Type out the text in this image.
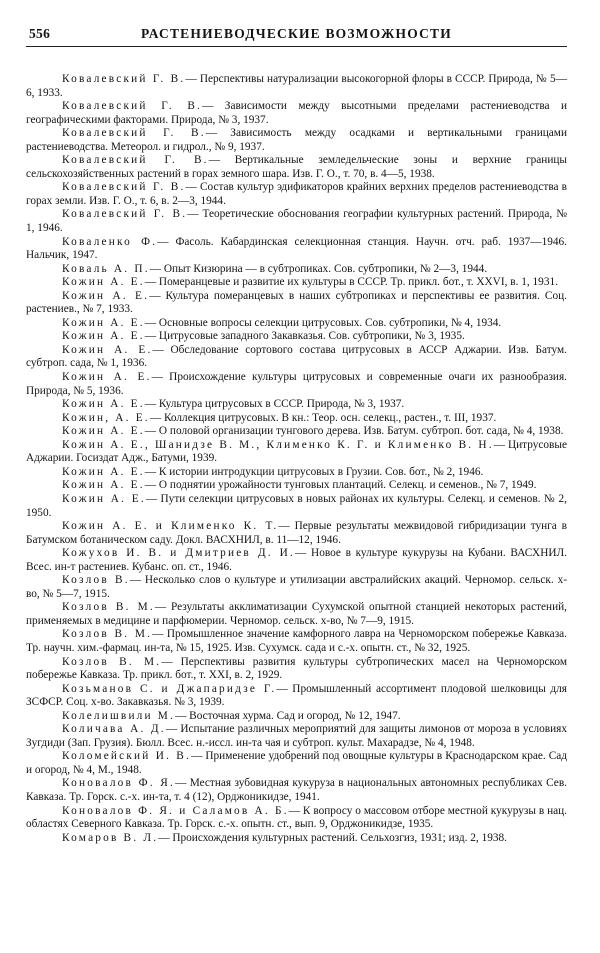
556	РАСТЕНИЕВОДЧЕСКИЕ ВОЗМОЖНОСТИ

Ковалевский Г. В.— Перспективы натурализации высокогорной флоры в СССР. Природа, № 5—6, 1933.

Ковалевский Г. В.— Зависимости между высотными пределами растениеводства и географическими факторами. Природа, № 3, 1937.

Ковалевский Г. В.— Зависимость между осадками и вертикальными границами растениеводства. Метеорол. и гидрол., № 9, 1937.

Ковалевский Г. В.— Вертикальные земледельческие зоны и верхние границы сельскохозяйственных растений в горах земного шара. Изв. Г. О., т. 70, в. 4—5, 1938.

Ковалевский Г. В.— Состав культур эдификаторов крайних верхних пределов растениеводства в горах земли. Изв. Г. О., т. 6, в. 2—3, 1944.

Ковалевский Г. В.— Теоретические обоснования географии культурных растений. Природа, № 1, 1946.

Коваленко Ф.— Фасоль. Кабардинская селекционная станция. Научн. отч. раб. 1937—1946. Нальчик, 1947.

Коваль А. П.— Опыт Кизюрина — в субтропиках. Сов. субтропики, № 2—3, 1944.

Кожин А. Е.— Померанцевые и развитие их культуры в СССР. Тр. прикл. бот., т. XXVI, в. 1, 1931.

Кожин А. Е.— Культура померанцевых в наших субтропиках и перспективы ее развития. Соц. растениев., № 7, 1933.

Кожин А. Е.— Основные вопросы селекции цитрусовых. Сов. субтропики, № 4, 1934.

Кожин А. Е.— Цитрусовые западного Закавказья. Сов. субтропики, № 3, 1935.

Кожин А. Е.— Обследование сортового состава цитрусовых в АССР Аджарии. Изв. Батум. субтроп. сада, № 1, 1936.

Кожин А. Е.— Происхождение культуры цитрусовых и современные очаги их разнообразия. Природа, № 5, 1936.

Кожин А. Е.— Культура цитрусовых в СССР. Природа, № 3, 1937.

Кожин, А. Е.— Коллекция цитрусовых. В кн.: Теор. осн. селекц., растен., т. III, 1937.

Кожин А. Е.— О половой организации тунгового дерева. Изв. Батум. субтроп. бот. сада, № 4, 1938.

Кожин А. Е., Шанидзе В. М., Клименко К. Г. и Клименко В. Н.— Цитрусовые Аджарии. Госиздат Адж., Батуми, 1939.

Кожин А. Е.— К истории интродукции цитрусовых в Грузии. Сов. бот., № 2, 1946.

Кожин А. Е.— О поднятии урожайности тунговых плантаций. Селекц. и семенов., № 7, 1949.

Кожин А. Е.— Пути селекции цитрусовых в новых районах их культуры. Селекц. и семенов. № 2, 1950.

Кожин А. Е. и Клименко К. Т.— Первые результаты межвидовой гибридизации тунга в Батумском ботаническом саду. Докл. ВАСХНИЛ, в. 11—12, 1946.

Кожухов И. В. и Дмитриев Д. И.— Новое в культуре кукурузы на Кубани. ВАСХНИЛ. Всес. ин-т растениев. Кубанс. оп. ст., 1946.

Козлов В.— Несколько слов о культуре и утилизации австралийских акаций. Черномор. сельск. х-во, № 5—7, 1915.

Козлов В. М.— Результаты акклиматизации Сухумской опытной станцией некоторых растений, применяемых в медицине и парфюмерии. Черномор. сельск. х-во, № 7—9, 1915.

Козлов В. М.— Промышленное значение камфорного лавра на Черноморском побережье Кавказа. Тр. научн. хим.-фармац. ин-та, № 15, 1925. Изв. Сухумск. сада и с.-х. опытн. ст., № 32, 1925.

Козлов В. М.— Перспективы развития культуры субтропических масел на Черноморском побережье Кавказа. Тр. прикл. бот., т. XXI, в. 2, 1929.

Козьманов С. и Джапаридзе Г.— Промышленный ассортимент плодовой шелковицы для ЗСФСР. Соц. х-во. Закавказья. № 3, 1939.

Колелишвили М.— Восточная хурма. Сад и огород, № 12, 1947.

Количава А. Д.— Испытание различных мероприятий для защиты лимонов от мороза в условиях Зугдиди (Зап. Грузия). Бюлл. Всес. н.-иссл. ин-та чая и субтроп. культ. Махарадзе, № 4, 1948.

Коломейский И. В.— Применение удобрений под овощные культуры в Краснодарском крае. Сад и огород, № 4, М., 1948.

Коновалов Ф. Я.— Местная зубовидная кукуруза в национальных автономных республиках Сев. Кавказа. Тр. Горск. с.-х. ин-та, т. 4 (12), Орджоникидзе, 1941.

Коновалов Ф. Я. и Саламов А. Б.— К вопросу о массовом отборе местной кукурузы в нац. областях Северного Кавказа. Тр. Горск. с.-х. опытн. ст., вып. 9, Орджоникидзе, 1935.

Комаров В. Л.— Происхождения культурных растений. Сельхозгиз, 1931; изд. 2, 1938.
